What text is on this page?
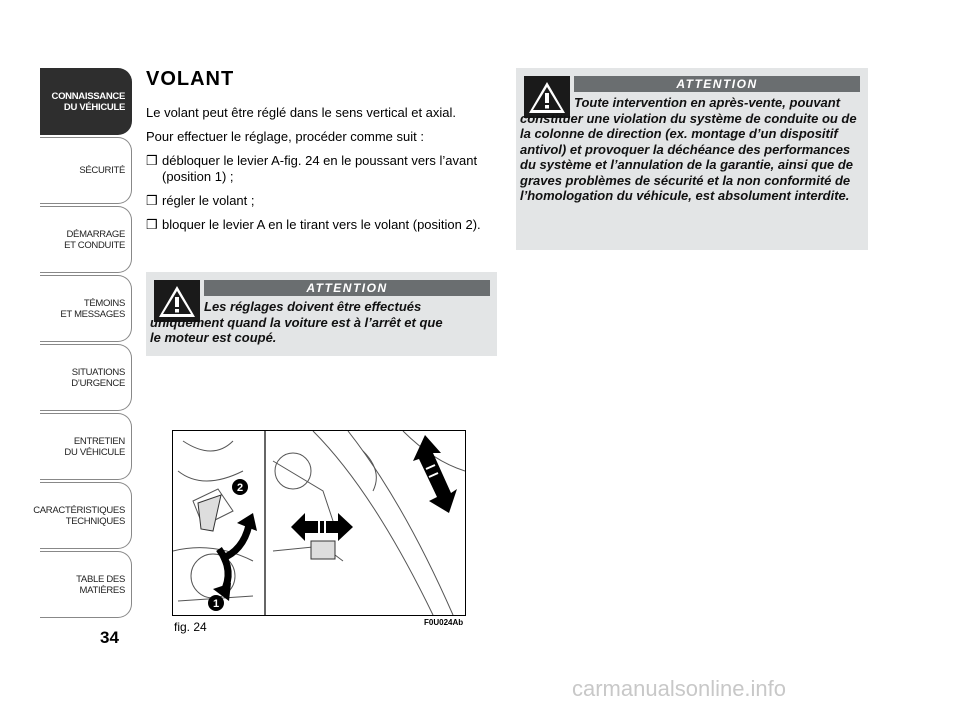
CONNAISSANCE
DU VÉHICULE
SÉCURITÉ
DÉMARRAGE
ET CONDUITE
TÉMOINS
ET MESSAGES
SITUATIONS
D’URGENCE
ENTRETIEN
DU VÉHICULE
CARACTÉRISTIQUES
TECHNIQUES
TABLE DES
MATIÈRES
34
VOLANT

Le volant peut être réglé dans le sens vertical et axial.

Pour effectuer le réglage, procéder comme suit :

❒ débloquer le levier A-fig. 24 en le poussant vers l’avant (position 1) ;
❒ régler le volant ;
❒ bloquer le levier A en le tirant vers le volant (position 2).
ATTENTION
Les réglages doivent être effectués uniquement quand la voiture est à l’arrêt et que le moteur est coupé.
ATTENTION
Toute intervention en après-vente, pouvant constituer une violation du système de conduite ou de la colonne de direction (ex. montage d’un dispositif antivol) et provoquer la déchéance des performances du système et l’annulation de la garantie, ainsi que de graves problèmes de sécurité et la non conformité de l’homologation du véhicule, est absolument interdite.
2
1
fig. 24	F0U024Ab
carmanualsonline.info
